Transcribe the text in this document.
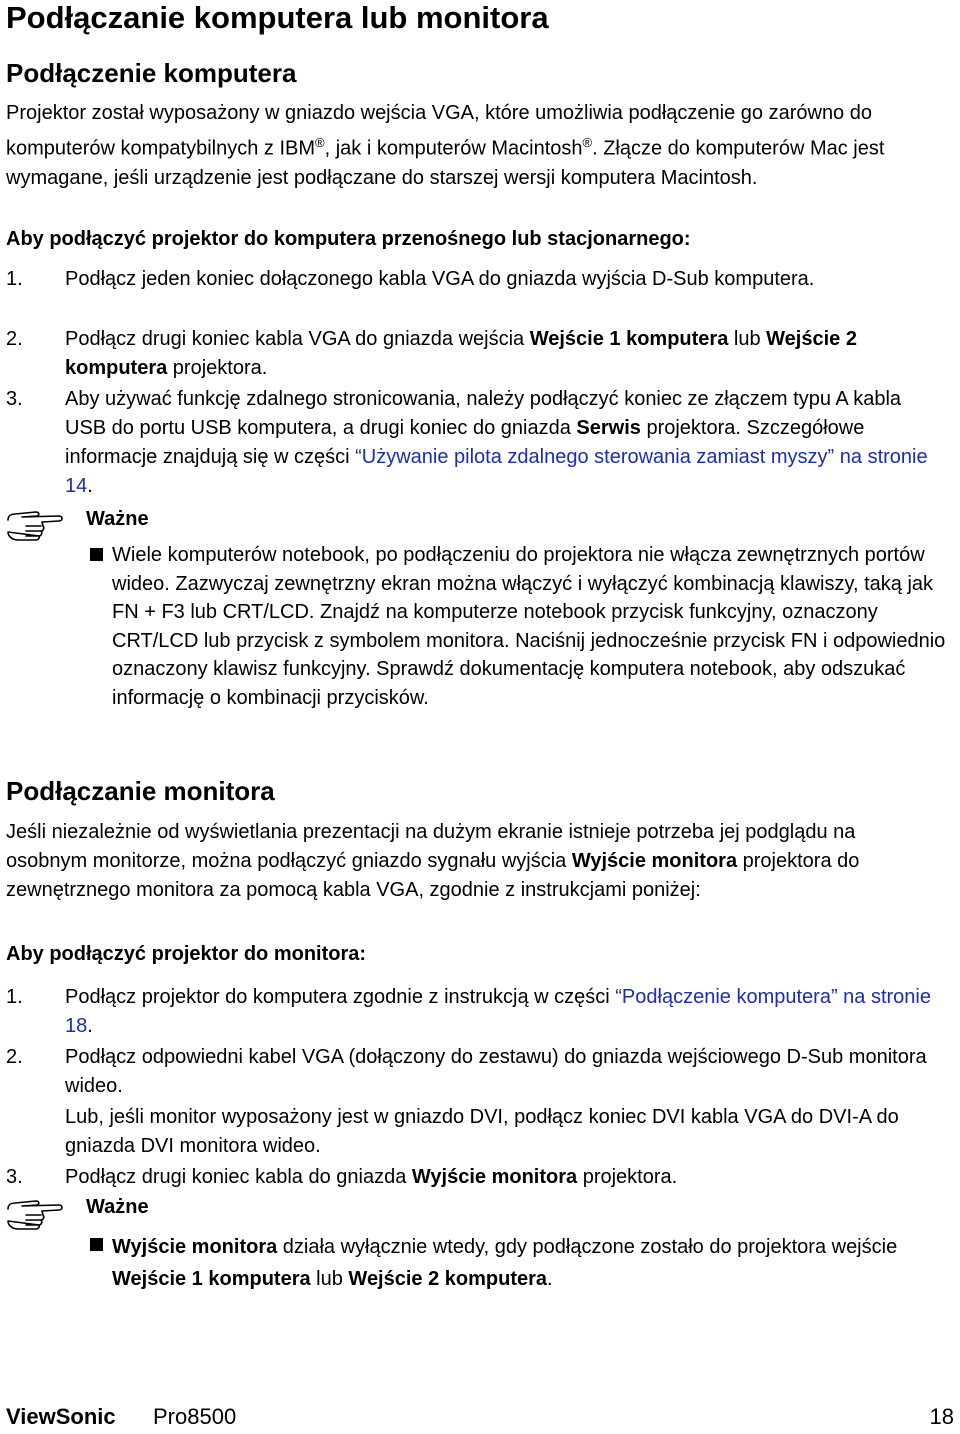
Podłączanie komputera lub monitora
Podłączenie komputera

Projektor został wyposażony w gniazdo wejścia VGA, które umożliwia podłączenie go zarówno do komputerów kompatybilnych z IBM®, jak i komputerów Macintosh®. Złącze do komputerów Mac jest wymagane, jeśli urządzenie jest podłączane do starszej wersji komputera Macintosh.

Aby podłączyć projektor do komputera przenośnego lub stacjonarnego:

1. Podłącz jeden koniec dołączonego kabla VGA do gniazda wyjścia D-Sub komputera.

2. Podłącz drugi koniec kabla VGA do gniazda wejścia Wejście 1 komputera lub Wejście 2 komputera projektora.

3. Aby używać funkcję zdalnego stronicowania, należy podłączyć koniec ze złączem typu A kabla USB do portu USB komputera, a drugi koniec do gniazda Serwis projektora. Szczegółowe informacje znajdują się w części “Używanie pilota zdalnego sterowania zamiast myszy” na stronie 14.

Ważne

Wiele komputerów notebook, po podłączeniu do projektora nie włącza zewnętrznych portów wideo. Zazwyczaj zewnętrzny ekran można włączyć i wyłączyć kombinacją klawiszy, taką jak FN + F3 lub CRT/LCD. Znajdź na komputerze notebook przycisk funkcyjny, oznaczony CRT/LCD lub przycisk z symbolem monitora. Naciśnij jednocześnie przycisk FN i odpowiednio oznaczony klawisz funkcyjny. Sprawdź dokumentację komputera notebook, aby odszukać informację o kombinacji przycisków.

Podłączanie monitora

Jeśli niezależnie od wyświetlania prezentacji na dużym ekranie istnieje potrzeba jej podglądu na osobnym monitorze, można podłączyć gniazdo sygnału wyjścia Wyjście monitora projektora do zewnętrznego monitora za pomocą kabla VGA, zgodnie z instrukcjami poniżej:

Aby podłączyć projektor do monitora:

1. Podłącz projektor do komputera zgodnie z instrukcją w części “Podłączenie komputera” na stronie 18.

2. Podłącz odpowiedni kabel VGA (dołączony do zestawu) do gniazda wejściowego D-Sub monitora wideo.

Lub, jeśli monitor wyposażony jest w gniazdo DVI, podłącz koniec DVI kabla VGA do DVI-A do gniazda DVI monitora wideo.

3. Podłącz drugi koniec kabla do gniazda Wyjście monitora projektora.

Ważne

Wyjście monitora działa wyłącznie wtedy, gdy podłączone zostało do projektora wejście Wejście 1 komputera lub Wejście 2 komputera.

ViewSonic Pro8500	18
